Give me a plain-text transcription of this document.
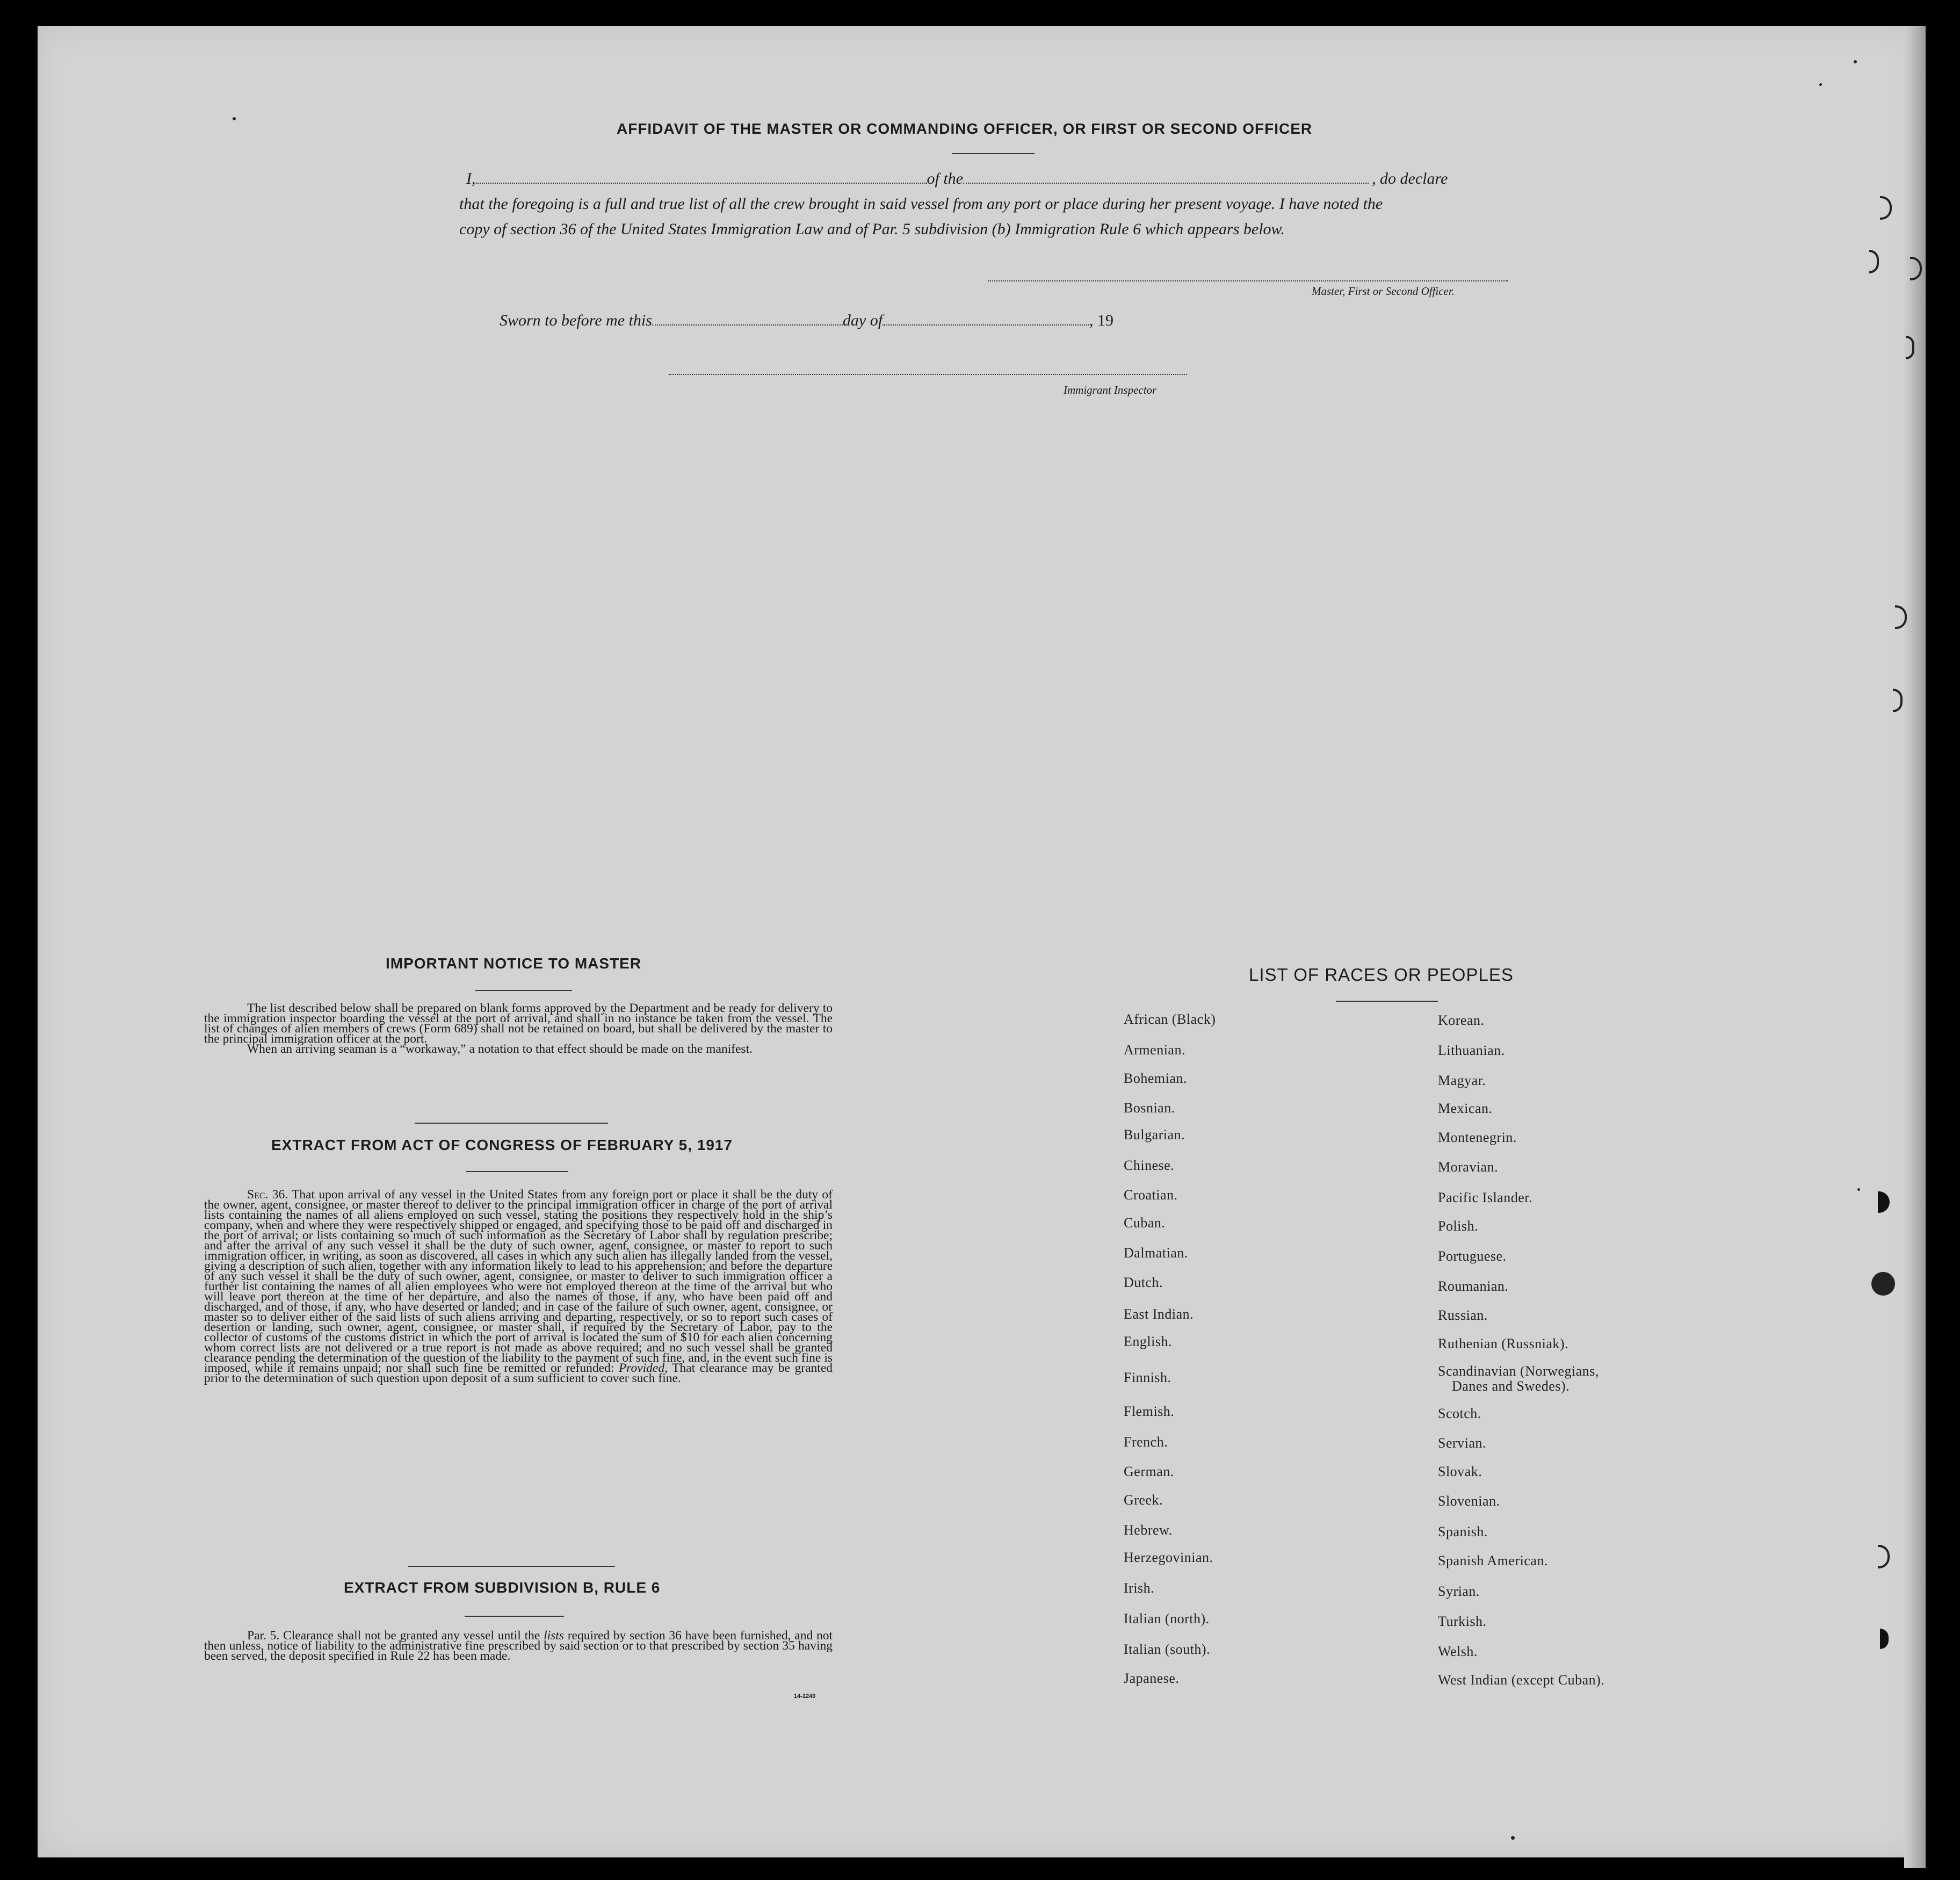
AFFIDAVIT OF THE MASTER OR COMMANDING OFFICER, OR FIRST OR SECOND OFFICER
I,	of the	, do declare
that the foregoing is a full and true list of all the crew brought in said vessel from any port or place during her present voyage. I have noted the
copy of section 36 of the United States Immigration Law and of Par. 5 subdivision (b) Immigration Rule 6 which appears below.
Master, First or Second Officer.
Sworn to before me this	day of	, 19
Immigrant Inspector
IMPORTANT NOTICE TO MASTER

The list described below shall be prepared on blank forms approved by the Department and be ready for delivery to the immigration inspector boarding the vessel at the port of arrival, and shall in no instance be taken from the vessel. The list of changes of alien members of crews (Form 689) shall not be retained on board, but shall be delivered by the master to the principal immigration officer at the port.

When an arriving seaman is a “workaway,” a notation to that effect should be made on the manifest.

EXTRACT FROM ACT OF CONGRESS OF FEBRUARY 5, 1917

Sec. 36. That upon arrival of any vessel in the United States from any foreign port or place it shall be the duty of the owner, agent, consignee, or master thereof to deliver to the principal immigration officer in charge of the port of arrival lists containing the names of all aliens employed on such vessel, stating the positions they respectively hold in the ship’s company, when and where they were respectively shipped or engaged, and specifying those to be paid off and discharged in the port of arrival; or lists containing so much of such information as the Secretary of Labor shall by regulation prescribe; and after the arrival of any such vessel it shall be the duty of such owner, agent, consignee, or master to report to such immigration officer, in writing, as soon as discovered, all cases in which any such alien has illegally landed from the vessel, giving a description of such alien, together with any information likely to lead to his apprehension; and before the departure of any such vessel it shall be the duty of such owner, agent, consignee, or master to deliver to such immigration officer a further list containing the names of all alien employees who were not employed thereon at the time of the arrival but who will leave port thereon at the time of her departure, and also the names of those, if any, who have been paid off and discharged, and of those, if any, who have deserted or landed; and in case of the failure of such owner, agent, consignee, or master so to deliver either of the said lists of such aliens arriving and departing, respectively, or so to report such cases of desertion or landing, such owner, agent, consignee, or master shall, if required by the Secretary of Labor, pay to the collector of customs of the customs district in which the port of arrival is located the sum of $10 for each alien concerning whom correct lists are not delivered or a true report is not made as above required; and no such vessel shall be granted clearance pending the determination of the question of the liability to the payment of such fine, and, in the event such fine is imposed, while it remains unpaid; nor shall such fine be remitted or refunded: Provided, That clearance may be granted prior to the determination of such question upon deposit of a sum sufficient to cover such fine.

EXTRACT FROM SUBDIVISION B, RULE 6

Par. 5. Clearance shall not be granted any vessel until the lists required by section 36 have been furnished, and not then unless, notice of liability to the administrative fine prescribed by said section or to that prescribed by section 35 having been served, the deposit specified in Rule 22 has been made.

14-1240
LIST OF RACES OR PEOPLES
African (Black)
Armenian.
Bohemian.
Bosnian.
Bulgarian.
Chinese.
Croatian.
Cuban.
Dalmatian.
Dutch.
East Indian.
English.
Finnish.
Flemish.
French.
German.
Greek.
Hebrew.
Herzegovinian.
Irish.
Italian (north).
Italian (south).
Japanese.
Korean.
Lithuanian.
Magyar.
Mexican.
Montenegrin.
Moravian.
Pacific Islander.
Polish.
Portuguese.
Roumanian.
Russian.
Ruthenian (Russniak).
Scandinavian (Norwegians,
Danes and Swedes).
Scotch.
Servian.
Slovak.
Slovenian.
Spanish.
Spanish American.
Syrian.
Turkish.
Welsh.
West Indian (except Cuban).
